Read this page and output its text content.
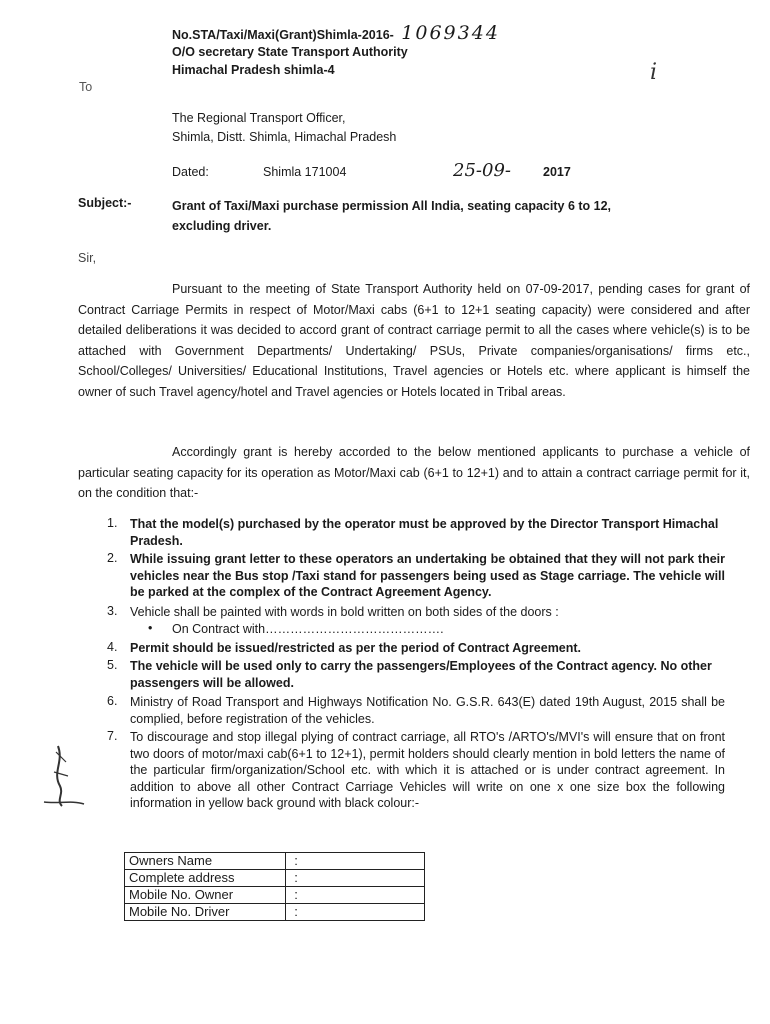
No.STA/Taxi/Maxi(Grant)Shimla-2016- 1069344
O/O secretary State Transport Authority
Himachal Pradesh shimla-4	i
To
The Regional Transport Officer,
Shimla, Distt. Shimla, Himachal Pradesh
Dated:	Shimla 171004	25-09-	2017
Subject:-	Grant of Taxi/Maxi purchase permission All India, seating capacity 6 to 12, excluding driver.
Sir,
Pursuant to the meeting of State Transport Authority held on 07-09-2017, pending cases for grant of Contract Carriage Permits in respect of Motor/Maxi cabs (6+1 to 12+1 seating capacity) were considered and after detailed deliberations it was decided to accord grant of contract carriage permit to all the cases where vehicle(s) is to be attached with Government Departments/ Undertaking/ PSUs, Private companies/organisations/ firms etc., School/Colleges/ Universities/ Educational Institutions, Travel agencies or Hotels etc. where applicant is himself the owner of such Travel agency/hotel and Travel agencies or Hotels located in Tribal areas.
Accordingly grant is hereby accorded to the below mentioned applicants to purchase a vehicle of particular seating capacity for its operation as Motor/Maxi cab (6+1 to 12+1) and to attain a contract carriage permit for it, on the condition that:-
1. That the model(s) purchased by the operator must be approved by the Director Transport Himachal Pradesh.
2. While issuing grant letter to these operators an undertaking be obtained that they will not park their vehicles near the Bus stop /Taxi stand for passengers being used as Stage carriage. The vehicle will be parked at the complex of the Contract Agreement Agency.
3. Vehicle shall be painted with words in bold written on both sides of the doors :
• On Contract with…………………………………….
4. Permit should be issued/restricted as per the period of Contract Agreement.
5. The vehicle will be used only to carry the passengers/Employees of the Contract agency. No other passengers will be allowed.
6. Ministry of Road Transport and Highways Notification No. G.S.R. 643(E) dated 19th August, 2015 shall be complied, before registration of the vehicles.
7. To discourage and stop illegal plying of contract carriage, all RTO's /ARTO's/MVI's will ensure that on front two doors of motor/maxi cab(6+1 to 12+1), permit holders should clearly mention in bold letters the name of the particular firm/organization/School etc. with which it is attached or is under contract agreement. In addition to above all other Contract Carriage Vehicles will write on one x one size box the following information in yellow back ground with black colour:-
Owners Name	:	
Complete address	:	
Mobile No. Owner	:	
Mobile No. Driver	:	
